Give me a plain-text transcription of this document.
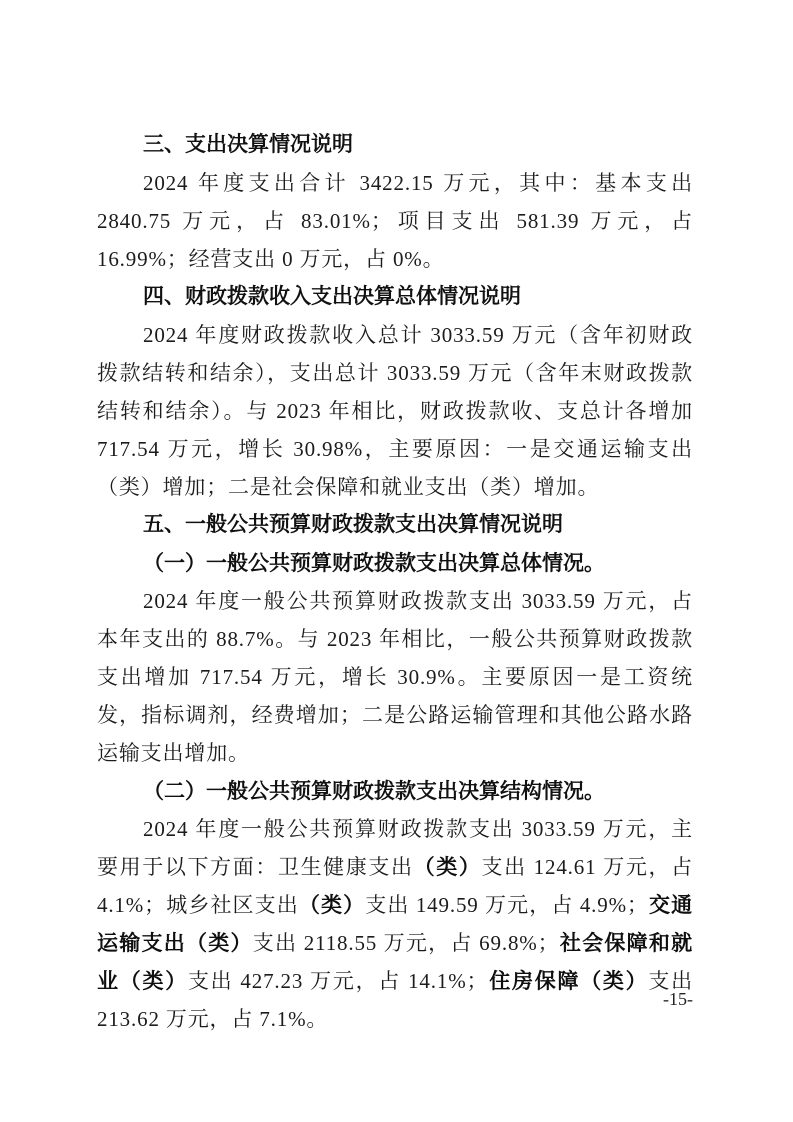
三、支出决算情况说明

2024 年度支出合计 3422.15 万元，其中：基本支出 2840.75 万元，占 83.01%；项目支出 581.39 万元，占 16.99%；经营支出 0 万元，占 0%。

四、财政拨款收入支出决算总体情况说明

2024 年度财政拨款收入总计 3033.59 万元（含年初财政拨款结转和结余），支出总计 3033.59 万元（含年末财政拨款结转和结余）。与 2023 年相比，财政拨款收、支总计各增加 717.54 万元，增长 30.98%，主要原因：一是交通运输支出（类）增加；二是社会保障和就业支出（类）增加。

五、一般公共预算财政拨款支出决算情况说明
（一）一般公共预算财政拨款支出决算总体情况。

2024 年度一般公共预算财政拨款支出 3033.59 万元，占本年支出的 88.7%。与 2023 年相比，一般公共预算财政拨款支出增加 717.54 万元，增长 30.9%。主要原因一是工资统发，指标调剂，经费增加；二是公路运输管理和其他公路水路运输支出增加。

（二）一般公共预算财政拨款支出决算结构情况。

2024 年度一般公共预算财政拨款支出 3033.59 万元，主要用于以下方面：卫生健康支出（类）支出 124.61 万元，占 4.1%；城乡社区支出（类）支出 149.59 万元，占 4.9%；交通运输支出（类）支出 2118.55 万元，占 69.8%；社会保障和就业（类）支出 427.23 万元，占 14.1%；住房保障（类）支出 213.62 万元，占 7.1%。

-15-
